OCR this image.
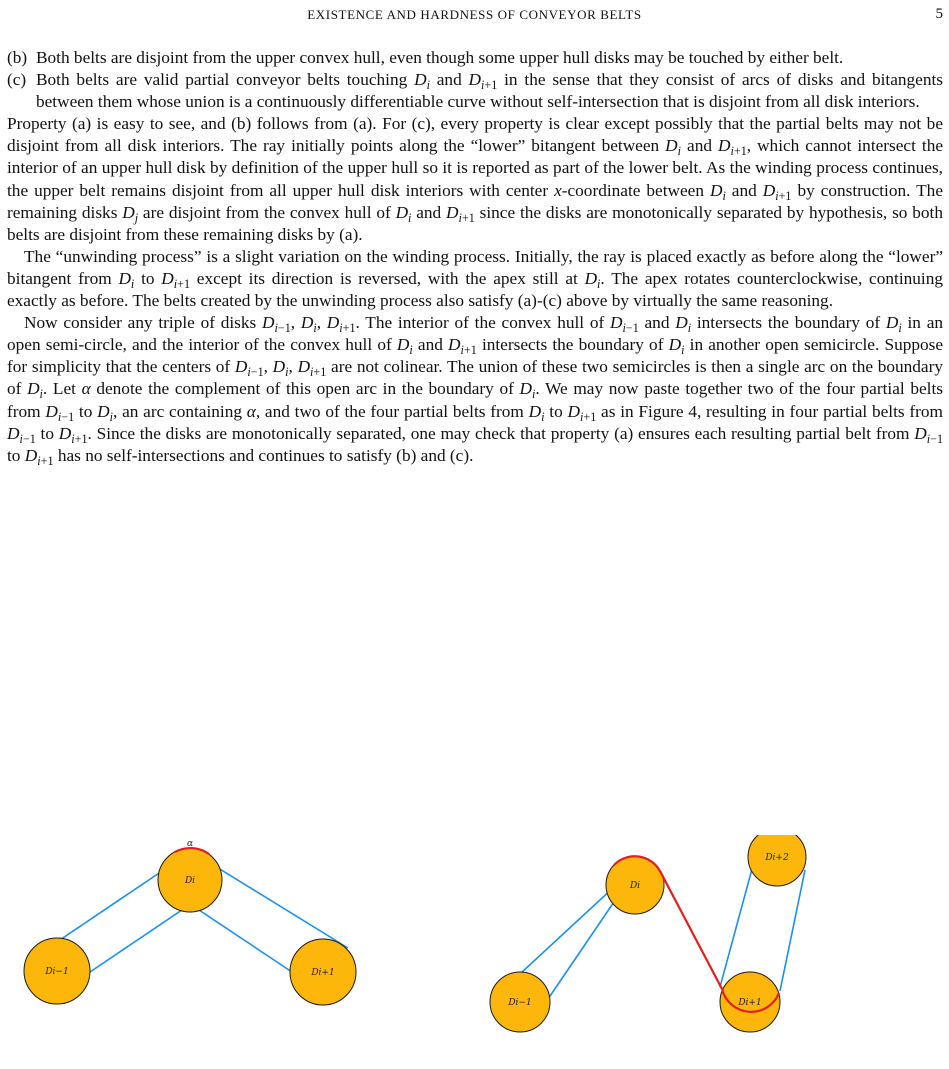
EXISTENCE AND HARDNESS OF CONVEYOR BELTS	5
(b) Both belts are disjoint from the upper convex hull, even though some upper hull disks may be touched by either belt.
(c) Both belts are valid partial conveyor belts touching $D_i$ and $D_{i+1}$ in the sense that they consist of arcs of disks and bitangents between them whose union is a continuously differentiable curve without self-intersection that is disjoint from all disk interiors.

Property (a) is easy to see, and (b) follows from (a). For (c), every property is clear except possibly that the partial belts may not be disjoint from all disk interiors. The ray initially points along the “lower” bitangent between $D_i$ and $D_{i+1}$, which cannot intersect the interior of an upper hull disk by definition of the upper hull so it is reported as part of the lower belt. As the winding process continues, the upper belt remains disjoint from all upper hull disk interiors with center x-coordinate between $D_i$ and $D_{i+1}$ by construction. The remaining disks $D_j$ are disjoint from the convex hull of $D_i$ and $D_{i+1}$ since the disks are monotonically separated by hypothesis, so both belts are disjoint from these remaining disks by (a).

The “unwinding process” is a slight variation on the winding process. Initially, the ray is placed exactly as before along the “lower” bitangent from $D_i$ to $D_{i+1}$ except its direction is reversed, with the apex still at $D_i$. The apex rotates counterclockwise, continuing exactly as before. The belts created by the unwinding process also satisfy (a)-(c) above by virtually the same reasoning.

Now consider any triple of disks $D_{i-1}$, $D_i$, $D_{i+1}$. The interior of the convex hull of $D_{i-1}$ and $D_i$ intersects the boundary of $D_i$ in an open semi-circle, and the interior of the convex hull of $D_i$ and $D_{i+1}$ intersects the boundary of $D_i$ in another open semicircle. Suppose for simplicity that the centers of $D_{i-1}$, $D_i$, $D_{i+1}$ are not colinear. The union of these two semicircles is then a single arc on the boundary of $D_i$. Let α denote the complement of this open arc in the boundary of $D_i$. We may now paste together two of the four partial belts from $D_{i-1}$ to $D_i$, an arc containing α, and two of the four partial belts from $D_i$ to $D_{i+1}$ as in Figure 4, resulting in four partial belts from $D_{i-1}$ to $D_{i+1}$. Since the disks are monotonically separated, one may check that property (a) ensures each resulting partial belt from $D_{i-1}$ to $D_{i+1}$ has no self-intersections and continues to satisfy (b) and (c).

α
Di
Di−1	Di+1
Di
Di−1	Di+1
Di+2
